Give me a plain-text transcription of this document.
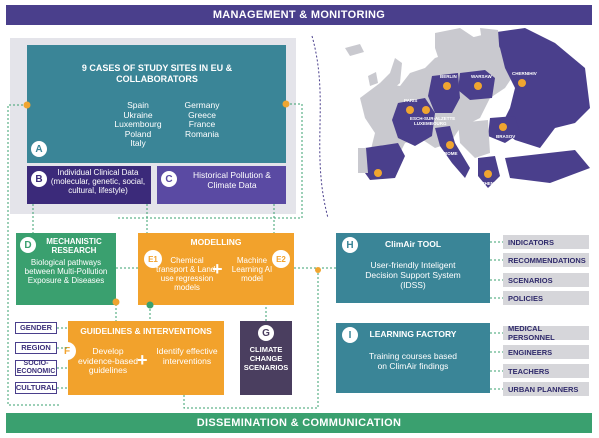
MANAGEMENT & MONITORING
DISSEMINATION & COMMUNICATION
9 CASES OF STUDY SITES IN EU & COLLABORATORS
Spain
Ukraine
Luxembourg
Poland
Italy
Germany
Greece
France
Romania
A
B
Individual Clinical Data (molecular, genetic, social, cultural, lifestyle)
C	Historical Pollution & Climate Data
D	MECHANISTIC RESEARCH
Biological pathways between Multi-Pollution Exposure & Diseases
MODELLING
E1	Chemical transport & Land-use regression models
+	E2
Machine Learning AI model
GENDER
REGION
SOCIO-ECONOMIC
CULTURAL
GUIDELINES & INTERVENTIONS
F	Develop evidence-based guidelines + Identify effective interventions
G
CLIMATE CHANGE SCENARIOS
H	ClimAir TOOL
User-friendly Inteligent Decision Support System (IDSS)
I	LEARNING FACTORY
Training courses based on ClimAir findings
INDICATORS
RECOMMENDATIONS
SCENARIOS
POLICIES
MEDICAL PERSONNEL
ENGINEERS
TEACHERS
URBAN PLANNERS
BERLIN	WARSAW
CHERNIHIV
PARIS
ESCH-SUR-ALZETTE
LUXEMBOURG
BRASOV
MALAGA	ATHENS
ROME
